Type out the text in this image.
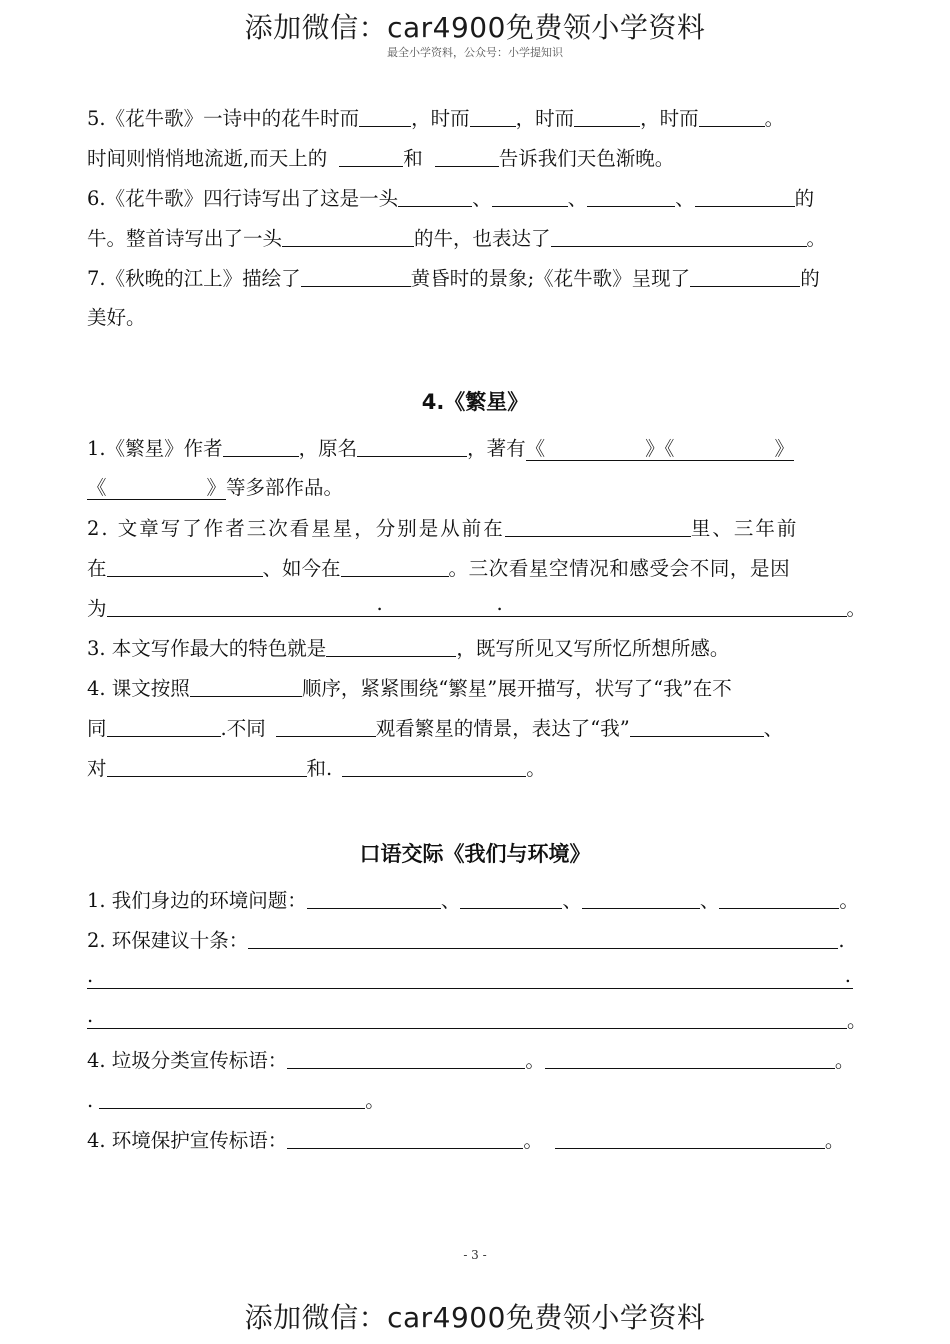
添加微信：car4900免费领小学资料
最全小学资料，公众号：小学提知识
5.《花牛歌》一诗中的花牛时而	，时而 ，时而	，时而	。
时间则悄悄地流逝,而天上的	和	告诉我们天色渐晚。
6.《花牛歌》四行诗写出了这是一头	、	、	、	的
牛。整首诗写出了一头	的牛，也表达了	。
7.《秋晚的江上》描绘了	黄昏时的景象;《花牛歌》呈现了	的
美好。
4.《繁星》
1.《繁星》作者	，原名	，著有《	》《	》
《	》等多部作品。
2. 文章写了作者三次看星星，分别是从前在	里、三年前
在	、如今在	。三次看星空情况和感受会不同，是因
为	.	.	。
3. 本文写作最大的特色就是	，既写所见又写所忆所想所感。
4. 课文按照	顺序，紧紧围绕“繁星”展开描写，状写了“我”在不
同	.不同	观看繁星的情景，表达了“我”	、
对	和.	。
口语交际《我们与环境》
1. 我们身边的环境问题：	、	、	、	。
2. 环保建议十条：	.
.	.
.	。
4. 垃圾分类宣传标语：	。	。
.	。
4. 环境保护宣传标语：	。	。
- 3 -
添加微信：car4900免费领小学资料
